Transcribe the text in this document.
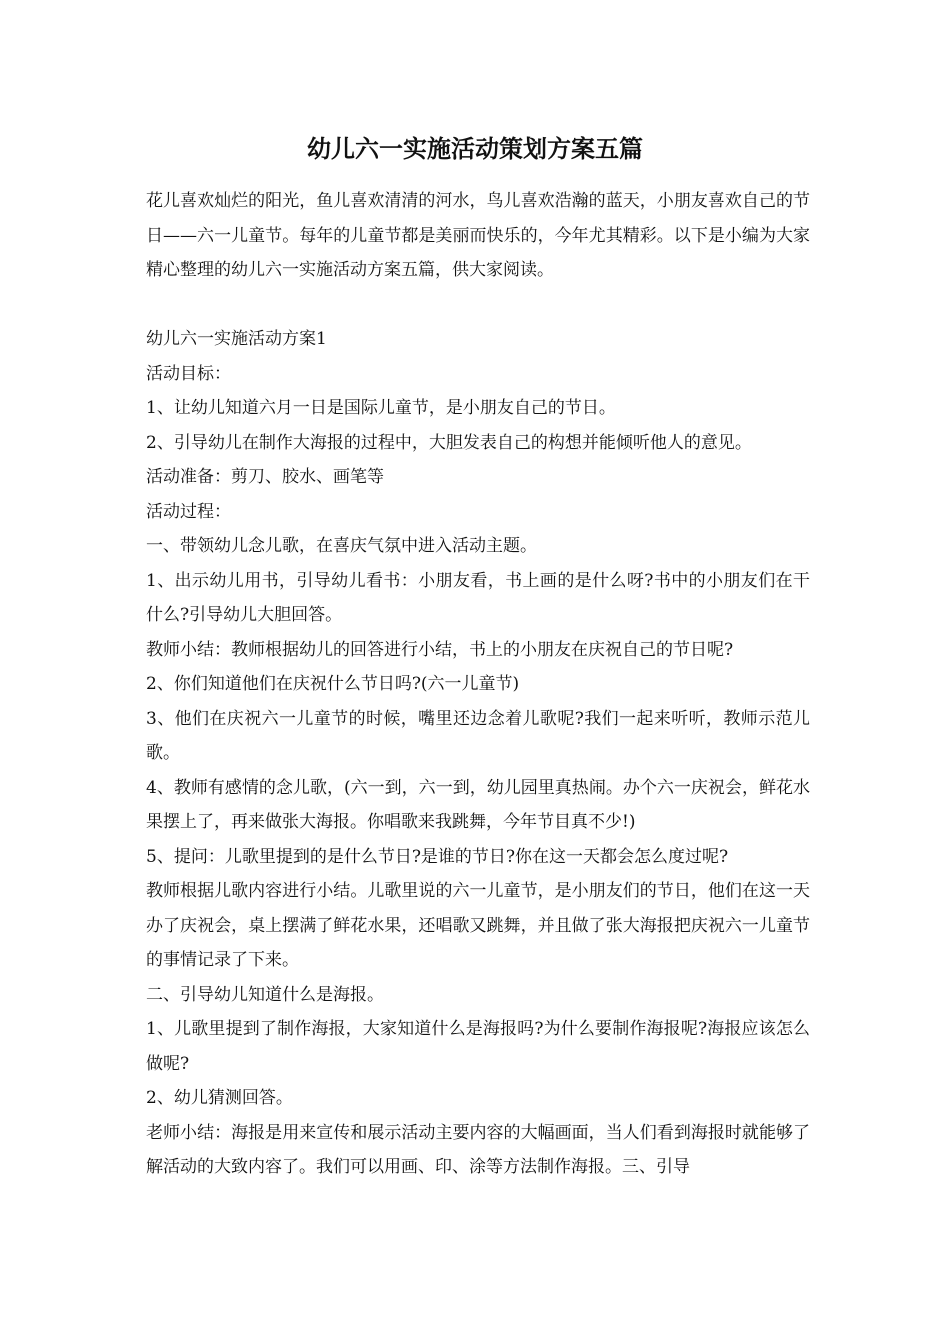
幼儿六一实施活动策划方案五篇

花儿喜欢灿烂的阳光，鱼儿喜欢清清的河水，鸟儿喜欢浩瀚的蓝天，小朋友喜欢自己的节日——六一儿童节。每年的儿童节都是美丽而快乐的，今年尤其精彩。以下是小编为大家精心整理的幼儿六一实施活动方案五篇，供大家阅读。

幼儿六一实施活动方案1

活动目标：

1、让幼儿知道六月一日是国际儿童节，是小朋友自己的节日。

2、引导幼儿在制作大海报的过程中，大胆发表自己的构想并能倾听他人的意见。

活动准备：剪刀、胶水、画笔等

活动过程：

一、带领幼儿念儿歌，在喜庆气氛中进入活动主题。

1、出示幼儿用书，引导幼儿看书：小朋友看，书上画的是什么呀?书中的小朋友们在干什么?引导幼儿大胆回答。

教师小结：教师根据幼儿的回答进行小结，书上的小朋友在庆祝自己的节日呢?

2、你们知道他们在庆祝什么节日吗?(六一儿童节)

3、他们在庆祝六一儿童节的时候，嘴里还边念着儿歌呢?我们一起来听听，教师示范儿歌。

4、教师有感情的念儿歌，(六一到，六一到，幼儿园里真热闹。办个六一庆祝会，鲜花水果摆上了，再来做张大海报。你唱歌来我跳舞，今年节目真不少!)

5、提问：儿歌里提到的是什么节日?是谁的节日?你在这一天都会怎么度过呢?

教师根据儿歌内容进行小结。儿歌里说的六一儿童节，是小朋友们的节日，他们在这一天办了庆祝会，桌上摆满了鲜花水果，还唱歌又跳舞，并且做了张大海报把庆祝六一儿童节的事情记录了下来。

二、引导幼儿知道什么是海报。

1、儿歌里提到了制作海报，大家知道什么是海报吗?为什么要制作海报呢?海报应该怎么做呢?

2、幼儿猜测回答。

老师小结：海报是用来宣传和展示活动主要内容的大幅画面，当人们看到海报时就能够了解活动的大致内容了。我们可以用画、印、涂等方法制作海报。三、引导
